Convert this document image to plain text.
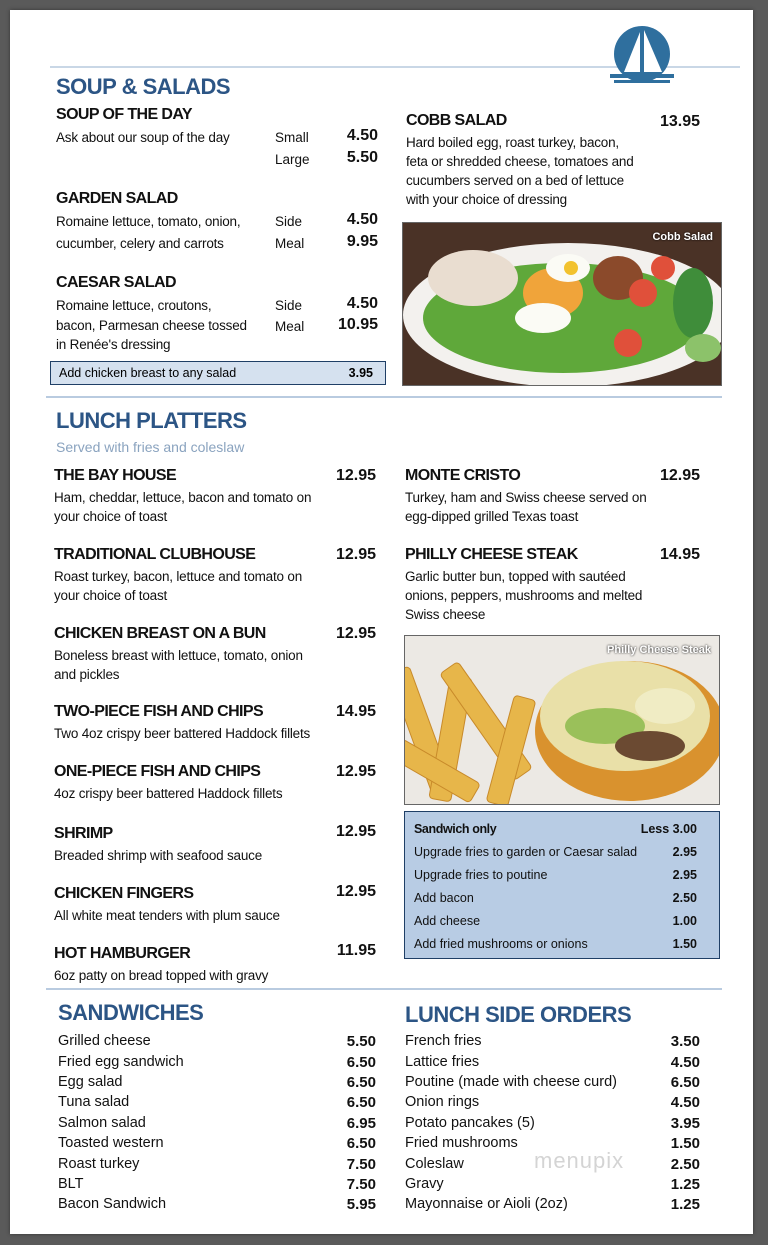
SOUP & SALADS
SOUP OF THE DAY
Ask about our soup of the day	Small	4.50
Large	5.50
GARDEN SALAD
Romaine lettuce, tomato, onion,
cucumber, celery and carrots
Side	4.50
Meal	9.95
CAESAR SALAD
Romaine lettuce, croutons,
bacon, Parmesan cheese tossed
in Renée's dressing
Side	4.50
Meal	10.95
Add chicken breast to any salad	3.95
COBB SALAD	13.95
Hard boiled egg, roast turkey, bacon,
feta or shredded cheese, tomatoes and
cucumbers served on a bed of lettuce
with your choice of dressing
Cobb Salad
LUNCH PLATTERS
Served with fries and coleslaw
THE BAY HOUSE	12.95
Ham, cheddar, lettuce, bacon and tomato on
your choice of toast
TRADITIONAL CLUBHOUSE	12.95
Roast turkey, bacon, lettuce and tomato on
your choice of toast
CHICKEN BREAST ON A BUN	12.95
Boneless breast with lettuce, tomato, onion
and pickles
TWO-PIECE FISH AND CHIPS	14.95
Two 4oz crispy beer battered Haddock fillets
ONE-PIECE FISH AND CHIPS	12.95
4oz crispy beer battered Haddock fillets
SHRIMP	12.95
Breaded shrimp with seafood sauce
CHICKEN FINGERS	12.95
All white meat tenders with plum sauce
HOT HAMBURGER	11.95
6oz patty on bread topped with gravy
MONTE CRISTO	12.95
Turkey, ham and Swiss cheese served on
egg-dipped grilled Texas toast
PHILLY CHEESE STEAK	14.95
Garlic butter bun, topped with sautéed
onions, peppers, mushrooms and melted
Swiss cheese
Philly Cheese Steak
Sandwich only	Less 3.00
Upgrade fries to garden or Caesar salad	2.95
Upgrade fries to poutine	2.95
Add bacon	2.50
Add cheese	1.00
Add fried mushrooms or onions	1.50
SANDWICHES
Grilled cheese	5.50
Fried egg sandwich	6.50
Egg salad	6.50
Tuna salad	6.50
Salmon salad	6.95
Toasted western	6.50
Roast turkey	7.50
BLT	7.50
Bacon Sandwich	5.95
LUNCH SIDE ORDERS
French fries	3.50
Lattice fries	4.50
Poutine (made with cheese curd)	6.50
Onion rings	4.50
Potato pancakes (5)	3.95
Fried mushrooms	1.50
Coleslaw	2.50
Gravy	1.25
Mayonnaise or Aioli (2oz)	1.25
menupix
